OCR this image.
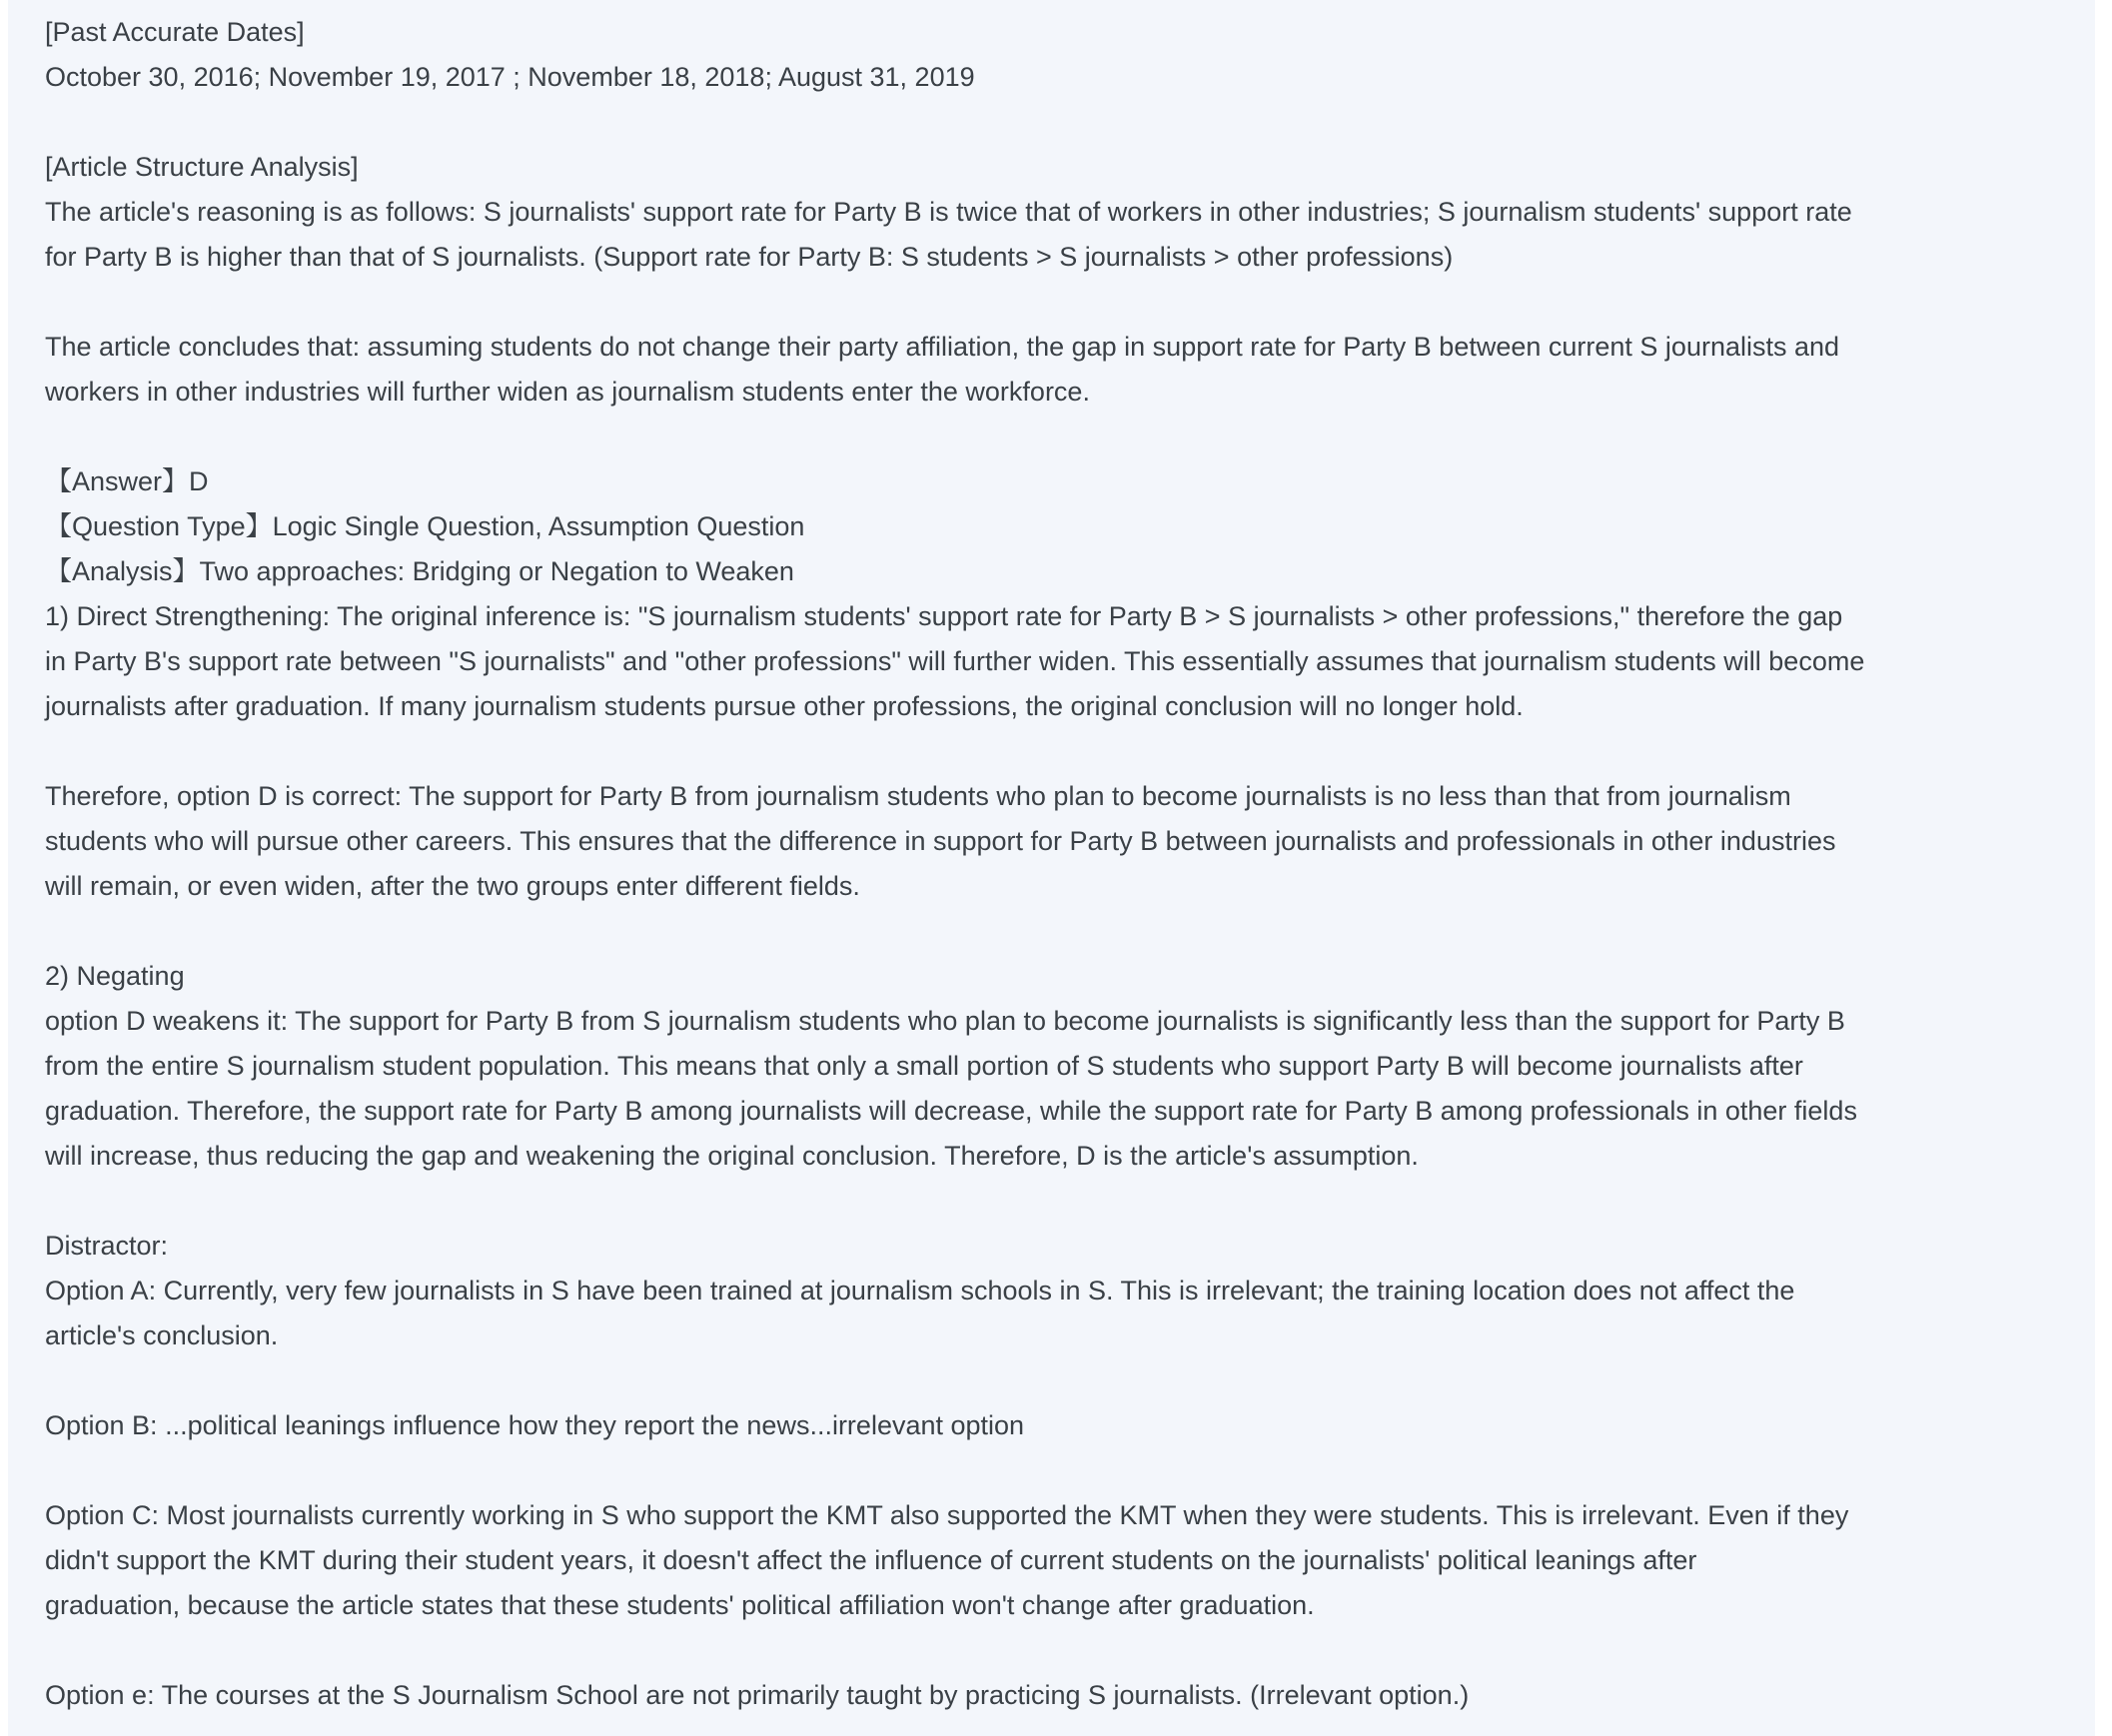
[Past Accurate Dates]
October 30, 2016; November 19, 2017 ; November 18, 2018; August 31, 2019
[Article Structure Analysis]
The article's reasoning is as follows: S journalists' support rate for Party B is twice that of workers in other industries; S journalism students' support rate
for Party B is higher than that of S journalists. (Support rate for Party B: S students > S journalists > other professions)
The article concludes that: assuming students do not change their party affiliation, the gap in support rate for Party B between current S journalists and
workers in other industries will further widen as journalism students enter the workforce.
【Answer】D
【Question Type】Logic Single Question, Assumption Question
【Analysis】Two approaches: Bridging or Negation to Weaken
1) Direct Strengthening: The original inference is: "S journalism students' support rate for Party B > S journalists > other professions," therefore the gap
in Party B's support rate between "S journalists" and "other professions" will further widen. This essentially assumes that journalism students will become
journalists after graduation. If many journalism students pursue other professions, the original conclusion will no longer hold.
Therefore, option D is correct: The support for Party B from journalism students who plan to become journalists is no less than that from journalism
students who will pursue other careers. This ensures that the difference in support for Party B between journalists and professionals in other industries
will remain, or even widen, after the two groups enter different fields.
2) Negating
option D weakens it: The support for Party B from S journalism students who plan to become journalists is significantly less than the support for Party B
from the entire S journalism student population. This means that only a small portion of S students who support Party B will become journalists after
graduation. Therefore, the support rate for Party B among journalists will decrease, while the support rate for Party B among professionals in other fields
will increase, thus reducing the gap and weakening the original conclusion. Therefore, D is the article's assumption.
Distractor:
Option A: Currently, very few journalists in S have been trained at journalism schools in S. This is irrelevant; the training location does not affect the
article's conclusion.
Option B: ...political leanings influence how they report the news...irrelevant option
Option C: Most journalists currently working in S who support the KMT also supported the KMT when they were students. This is irrelevant. Even if they
didn't support the KMT during their student years, it doesn't affect the influence of current students on the journalists' political leanings after
graduation, because the article states that these students' political affiliation won't change after graduation.
Option e: The courses at the S Journalism School are not primarily taught by practicing S journalists. (Irrelevant option.)
